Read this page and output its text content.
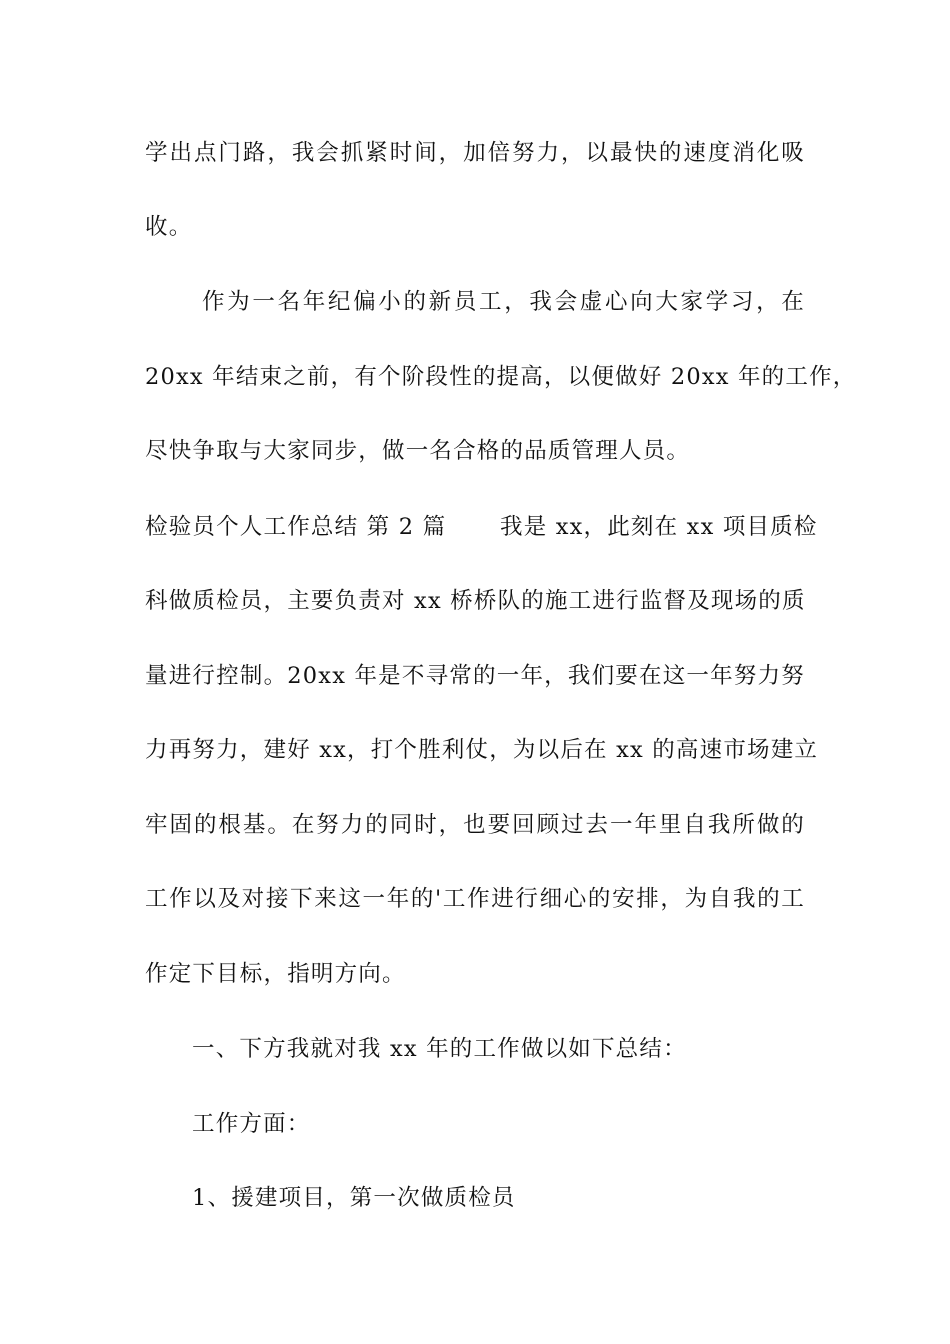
学出点门路，我会抓紧时间，加倍努力，以最快的速度消化吸
收。
作为一名年纪偏小的新员工，我会虚心向大家学习，在
20xx 年结束之前，有个阶段性的提高，以便做好 20xx 年的工作，
尽快争取与大家同步，做一名合格的品质管理人员。
检验员个人工作总结 第 2 篇 我是 xx，此刻在 xx 项目质检
科做质检员，主要负责对 xx 桥桥队的施工进行监督及现场的质
量进行控制。20xx 年是不寻常的一年，我们要在这一年努力努
力再努力，建好 xx，打个胜利仗，为以后在 xx 的高速市场建立
牢固的根基。在努力的同时，也要回顾过去一年里自我所做的
工作以及对接下来这一年的'工作进行细心的安排，为自我的工
作定下目标，指明方向。
一、下方我就对我 xx 年的工作做以如下总结：
工作方面：
1、援建项目，第一次做质检员
